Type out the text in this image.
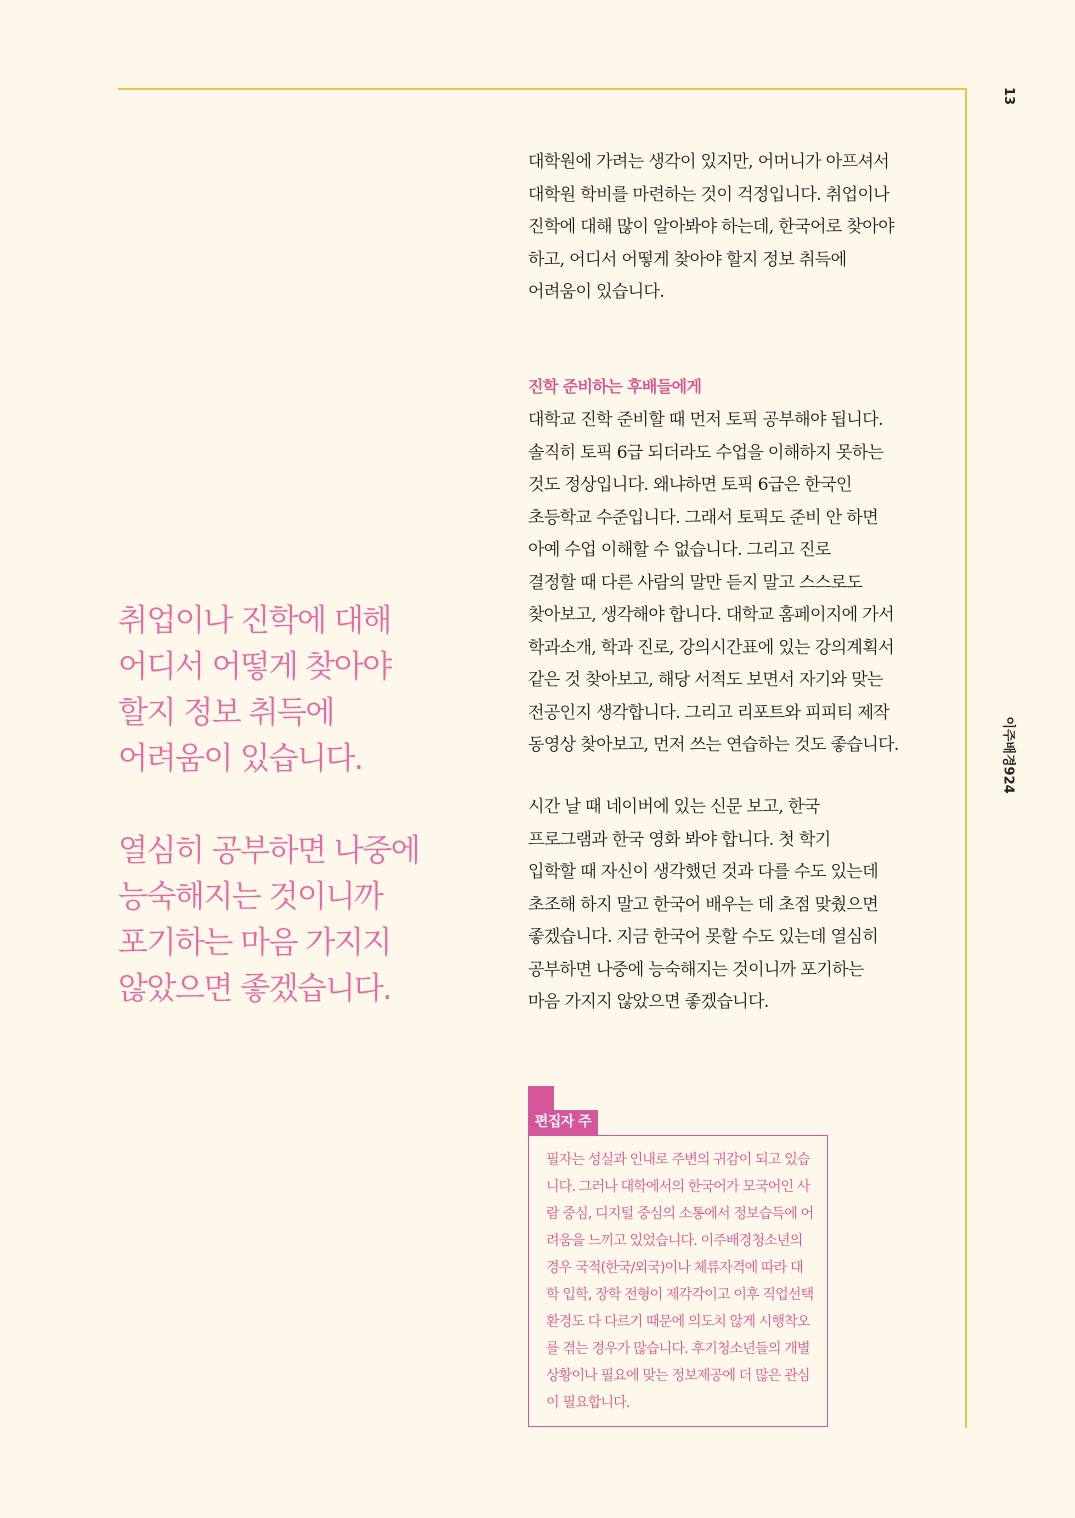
13
이주배경924
취업이나 진학에 대해
어디서 어떻게 찾아야
할지 정보 취득에
어려움이 있습니다.
열심히 공부하면 나중에
능숙해지는 것이니까
포기하는 마음 가지지
않았으면 좋겠습니다.
대학원에 가려는 생각이 있지만, 어머니가 아프셔서
대학원 학비를 마련하는 것이 걱정입니다. 취업이나
진학에 대해 많이 알아봐야 하는데, 한국어로 찾아야
하고, 어디서 어떻게 찾아야 할지 정보 취득에
어려움이 있습니다.
진학 준비하는 후배들에게
대학교 진학 준비할 때 먼저 토픽 공부해야 됩니다.
솔직히 토픽 6급 되더라도 수업을 이해하지 못하는
것도 정상입니다. 왜냐하면 토픽 6급은 한국인
초등학교 수준입니다. 그래서 토픽도 준비 안 하면
아예 수업 이해할 수 없습니다. 그리고 진로
결정할 때 다른 사람의 말만 듣지 말고 스스로도
찾아보고, 생각해야 합니다. 대학교 홈페이지에 가서
학과소개, 학과 진로, 강의시간표에 있는 강의계획서
같은 것 찾아보고, 해당 서적도 보면서 자기와 맞는
전공인지 생각합니다. 그리고 리포트와 피피티 제작
동영상 찾아보고, 먼저 쓰는 연습하는 것도 좋습니다.
시간 날 때 네이버에 있는 신문 보고, 한국
프로그램과 한국 영화 봐야 합니다. 첫 학기
입학할 때 자신이 생각했던 것과 다를 수도 있는데
초조해 하지 말고 한국어 배우는 데 초점 맞췄으면
좋겠습니다. 지금 한국어 못할 수도 있는데 열심히
공부하면 나중에 능숙해지는 것이니까 포기하는
마음 가지지 않았으면 좋겠습니다.
편집자 주
필자는 성실과 인내로 주변의 귀감이 되고 있습
니다. 그러나 대학에서의 한국어가 모국어인 사
람 중심, 디지털 중심의 소통에서 정보습득에 어
려움을 느끼고 있었습니다. 이주배경청소년의
경우 국적(한국/외국)이나 체류자격에 따라 대
학 입학, 장학 전형이 제각각이고 이후 직업선택
환경도 다 다르기 때문에 의도치 않게 시행착오
를 겪는 경우가 많습니다. 후기청소년들의 개별
상황이나 필요에 맞는 정보제공에 더 많은 관심
이 필요합니다.
